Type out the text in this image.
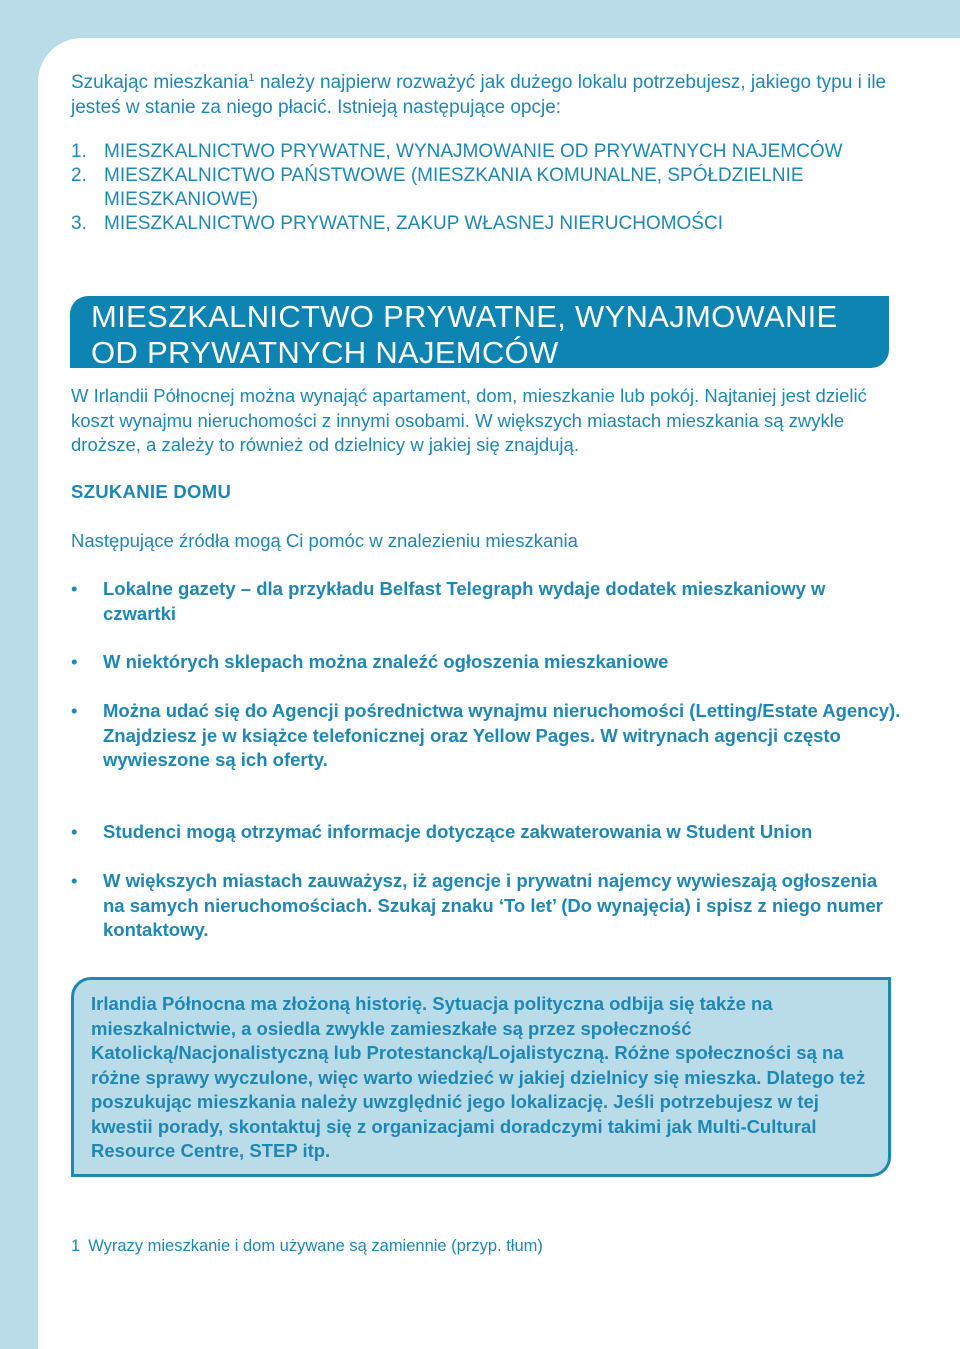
Szukając mieszkania$^1$ należy najpierw rozważyć jak dużego lokalu potrzebujesz, jakiego typu i ile jesteś w stanie za niego płacić. Istnieją następujące opcje:

1. MIESZKALNICTWO PRYWATNE, WYNAJMOWANIE OD PRYWATNYCH NAJEMCÓW
2. MIESZKALNICTWO PAŃSTWOWE (MIESZKANIA KOMUNALNE, SPÓŁDZIELNIE MIESZKANIOWE)
3. MIESZKALNICTWO PRYWATNE, ZAKUP WŁASNEJ NIERUCHOMOŚCI

W Irlandii Północnej można wynająć apartament, dom, mieszkanie lub pokój. Najtaniej jest dzielić koszt wynajmu nieruchomości z innymi osobami. W większych miastach mieszkania są zwykle droższe, a zależy to również od dzielnicy w jakiej się znajdują.

SZUKANIE DOMU

Następujące źródła mogą Ci pomóc w znalezieniu mieszkania

• Lokalne gazety – dla przykładu Belfast Telegraph wydaje dodatek mieszkaniowy w czwartki
• W niektórych sklepach można znaleźć ogłoszenia mieszkaniowe
• Można udać się do Agencji pośrednictwa wynajmu nieruchomości (Letting/Estate Agency). Znajdziesz je w książce telefonicznej oraz Yellow Pages. W witrynach agencji często wywieszone są ich oferty.
• Studenci mogą otrzymać informacje dotyczące zakwaterowania w Student Union
• W większych miastach zauważysz, iż agencje i prywatni najemcy wywieszają ogłoszenia na samych nieruchomościach. Szukaj znaku ‘To let’ (Do wynajęcia) i spisz z niego numer kontaktowy.
MIESZKALNICTWO PRYWATNE, WYNAJMOWANIE
OD PRYWATNYCH NAJEMCÓW
Irlandia Północna ma złożoną historię. Sytuacja polityczna odbija się także na mieszkalnictwie, a osiedla zwykle zamieszkałe są przez społeczność Katolicką/Nacjonalistyczną lub Protestancką/Lojalistyczną. Różne społeczności są na różne sprawy wyczulone, więc warto wiedzieć w jakiej dzielnicy się mieszka. Dlatego też poszukując mieszkania należy uwzględnić jego lokalizację. Jeśli potrzebujesz w tej kwestii porady, skontaktuj się z organizacjami doradczymi takimi jak Multi-Cultural Resource Centre, STEP itp.
1 Wyrazy mieszkanie i dom używane są zamiennie (przyp. tłum)
